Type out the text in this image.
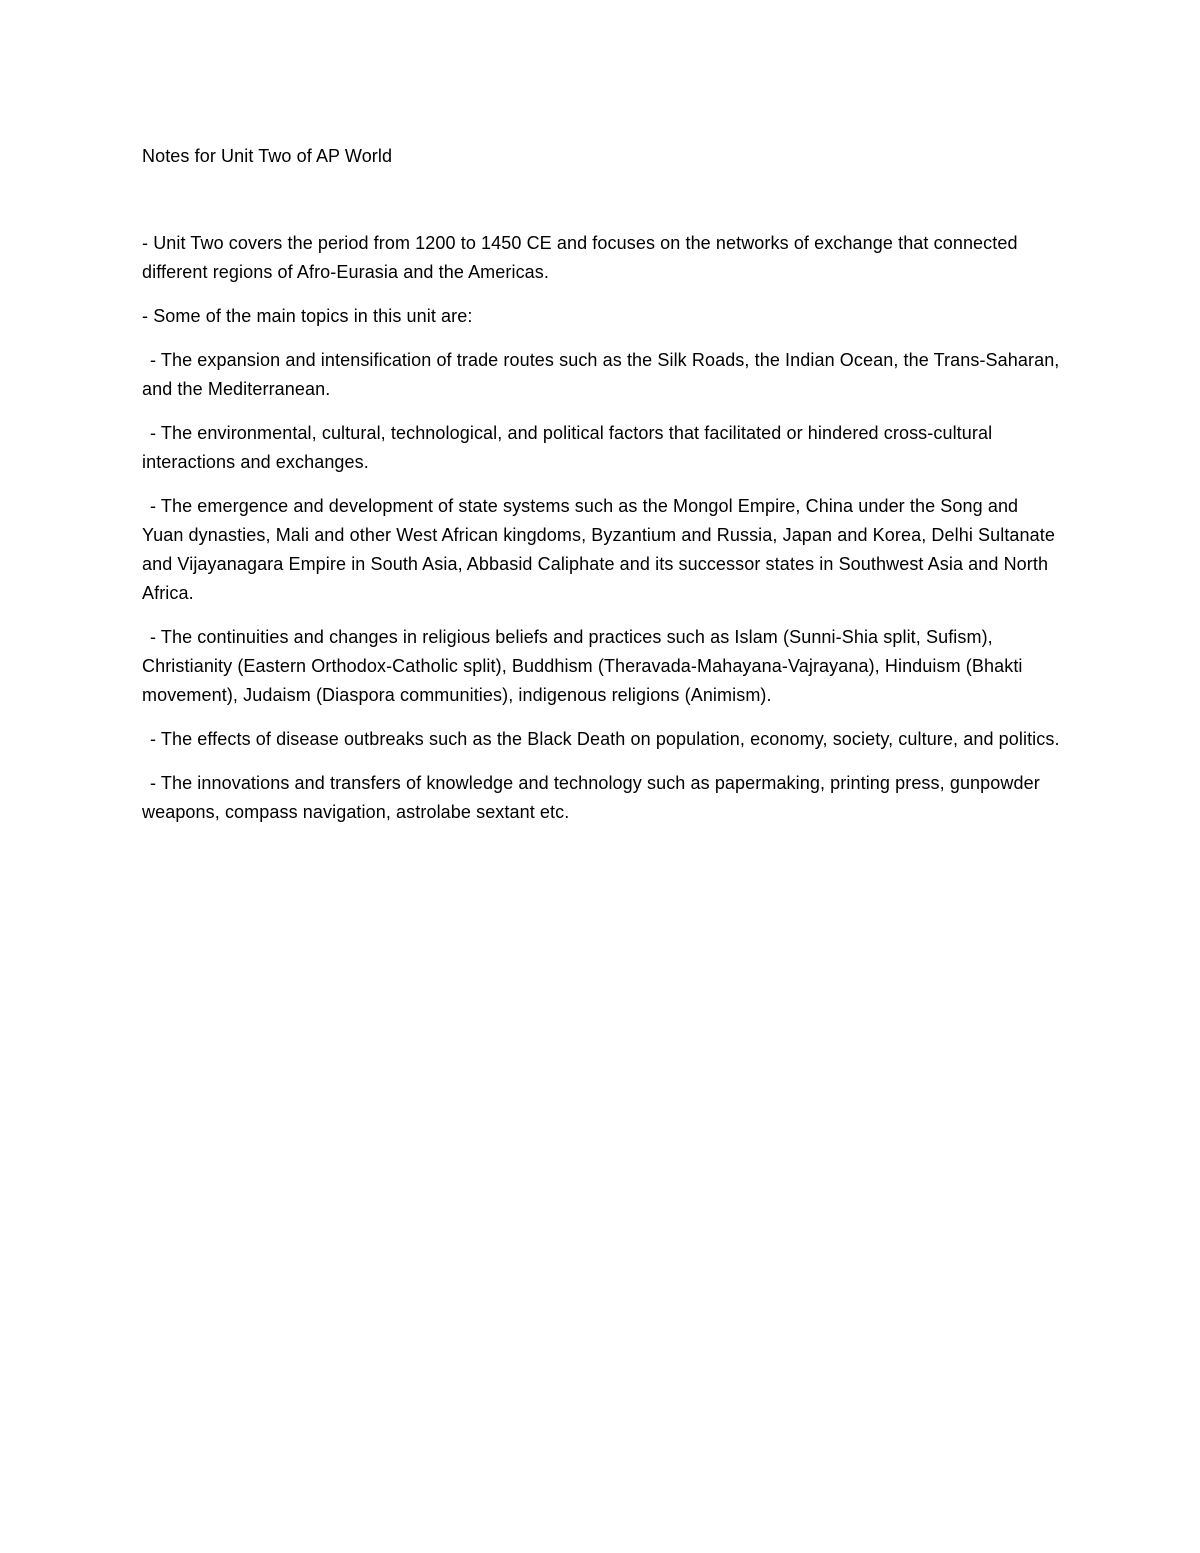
Notes for Unit Two of AP World

- Unit Two covers the period from 1200 to 1450 CE and focuses on the networks of exchange that connected different regions of Afro-Eurasia and the Americas.

- Some of the main topics in this unit are:

- The expansion and intensification of trade routes such as the Silk Roads, the Indian Ocean, the Trans-Saharan, and the Mediterranean.

- The environmental, cultural, technological, and political factors that facilitated or hindered cross-cultural interactions and exchanges.

- The emergence and development of state systems such as the Mongol Empire, China under the Song and Yuan dynasties, Mali and other West African kingdoms, Byzantium and Russia, Japan and Korea, Delhi Sultanate and Vijayanagara Empire in South Asia, Abbasid Caliphate and its successor states in Southwest Asia and North Africa.

- The continuities and changes in religious beliefs and practices such as Islam (Sunni-Shia split, Sufism), Christianity (Eastern Orthodox-Catholic split), Buddhism (Theravada-Mahayana-Vajrayana), Hinduism (Bhakti movement), Judaism (Diaspora communities), indigenous religions (Animism).

- The effects of disease outbreaks such as the Black Death on population, economy, society, culture, and politics.

- The innovations and transfers of knowledge and technology such as papermaking, printing press, gunpowder weapons, compass navigation, astrolabe sextant etc.
